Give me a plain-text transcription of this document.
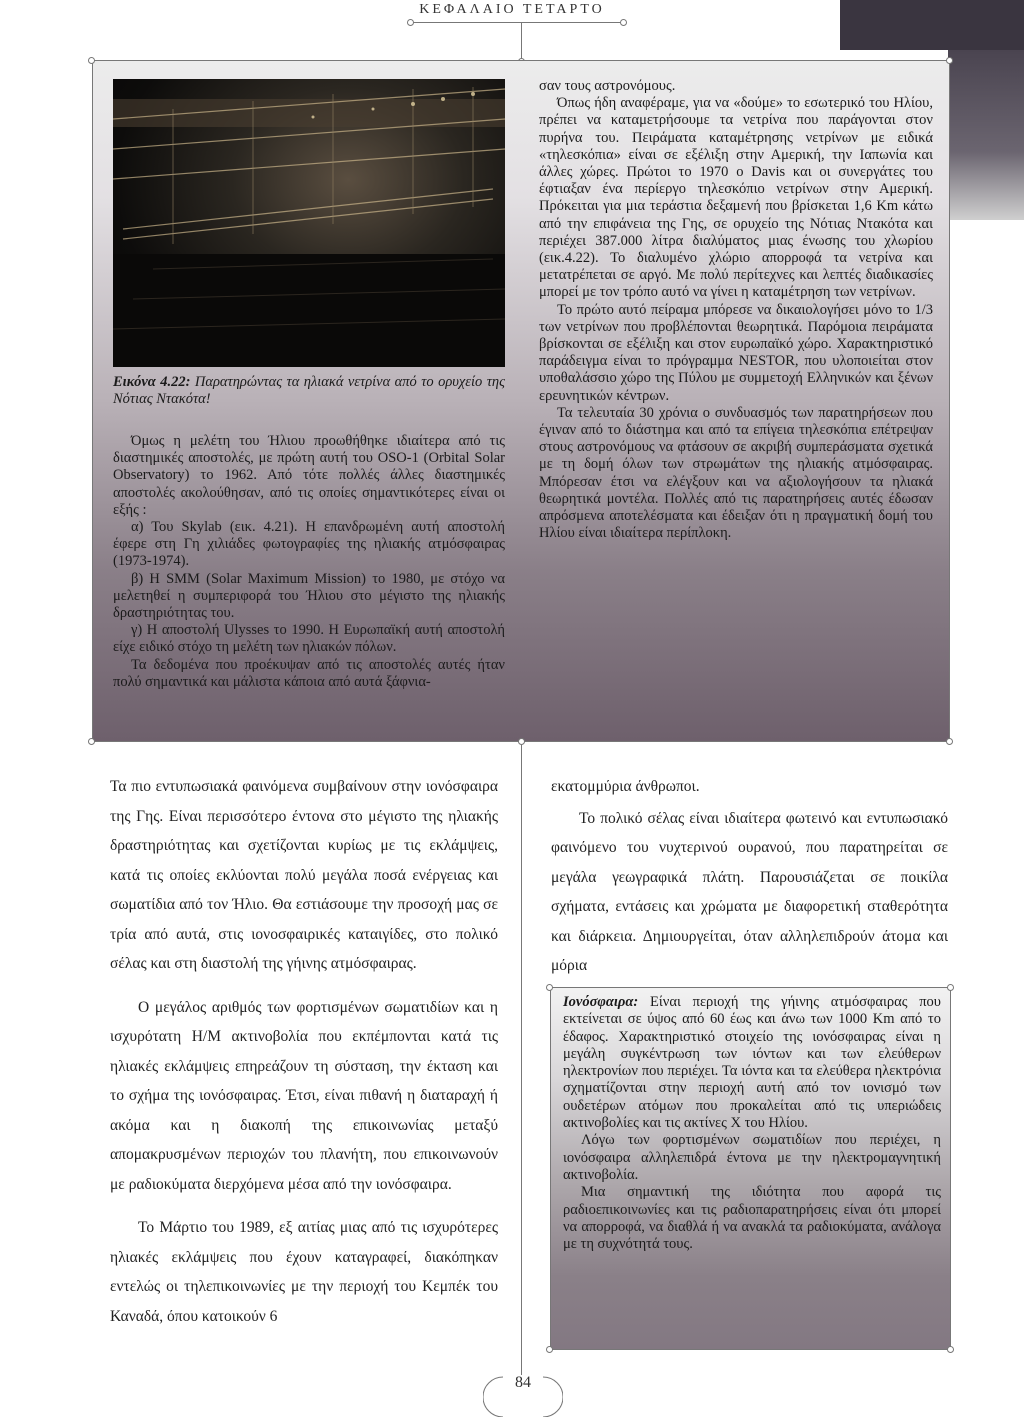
ΚΕΦΑΛΑΙΟ ΤΕΤΑΡΤΟ

Εικόνα 4.22: Παρατηρώντας τα ηλιακά νετρίνα από το ορυχείο της Νότιας Ντακότα!

Όμως η μελέτη του Ήλιου προωθήθηκε ιδιαίτερα από τις διαστημικές αποστολές, με πρώτη αυτή του OSO-1 (Orbital Solar Observatory) το 1962. Από τότε πολλές άλλες διαστημικές αποστολές ακολούθησαν, από τις οποίες σημαντικότερες είναι οι εξής :

α) Του Skylab (εικ. 4.21). Η επανδρωμένη αυτή αποστολή έφερε στη Γη χιλιάδες φωτογραφίες της ηλιακής ατμόσφαιρας (1973-1974).

β) Η SMM (Solar Maximum Mission) το 1980, με στόχο να μελετηθεί η συμπεριφορά του Ήλιου στο μέγιστο της ηλιακής δραστηριότητας του.

γ) Η αποστολή Ulysses το 1990. Η Ευρωπαϊκή αυτή αποστολή είχε ειδικό στόχο τη μελέτη των ηλιακών πόλων.

Τα δεδομένα που προέκυψαν από τις αποστολές αυτές ήταν πολύ σημαντικά και μάλιστα κάποια από αυτά ξάφνια-

σαν τους αστρονόμους.

Όπως ήδη αναφέραμε, για να «δούμε» το εσωτερικό του Ηλίου, πρέπει να καταμετρήσουμε τα νετρίνα που παράγονται στον πυρήνα του. Πειράματα καταμέτρησης νετρίνων με ειδικά «τηλεσκόπια» είναι σε εξέλιξη στην Αμερική, την Ιαπωνία και άλλες χώρες. Πρώτοι το 1970 ο Davis και οι συνεργάτες του έφτιαξαν ένα περίεργο τηλεσκόπιο νετρίνων στην Αμερική. Πρόκειται για μια τεράστια δεξαμενή που βρίσκεται 1,6 Km κάτω από την επιφάνεια της Γης, σε ορυχείο της Νότιας Ντακότα και περιέχει 387.000 λίτρα διαλύματος μιας ένωσης του χλωρίου (εικ.4.22). Το διαλυμένο χλώριο απορροφά τα νετρίνα και μετατρέπεται σε αργό. Με πολύ περίτεχνες και λεπτές διαδικασίες μπορεί με τον τρόπο αυτό να γίνει η καταμέτρηση των νετρίνων.

Το πρώτο αυτό πείραμα μπόρεσε να δικαιολογήσει μόνο το 1/3 των νετρίνων που προβλέπονται θεωρητικά. Παρόμοια πειράματα βρίσκονται σε εξέλιξη και στον ευρωπαϊκό χώρο. Χαρακτηριστικό παράδειγμα είναι το πρόγραμμα NESTOR, που υλοποιείται στον υποθαλάσσιο χώρο της Πύλου με συμμετοχή Ελληνικών και ξένων ερευνητικών κέντρων.

Τα τελευταία 30 χρόνια ο συνδυασμός των παρατηρήσεων που έγιναν από το διάστημα και από τα επίγεια τηλεσκόπια επέτρεψαν στους αστρονόμους να φτάσουν σε ακριβή συμπεράσματα σχετικά με τη δομή όλων των στρωμάτων της ηλιακής ατμόσφαιρας. Μπόρεσαν έτσι να ελέγξουν και να αξιολογήσουν τα ηλιακά θεωρητικά μοντέλα. Πολλές από τις παρατηρήσεις αυτές έδωσαν απρόσμενα αποτελέσματα και έδειξαν ότι η πραγματική δομή του Ηλίου είναι ιδιαίτερα περίπλοκη.

Τα πιο εντυπωσιακά φαινόμενα συμβαίνουν στην ιονόσφαιρα της Γης. Είναι περισσότερο έντονα στο μέγιστο της ηλιακής δραστηριότητας και σχετίζονται κυρίως με τις εκλάμψεις, κατά τις οποίες εκλύονται πολύ μεγάλα ποσά ενέργειας και σωματίδια από τον Ήλιο. Θα εστιάσουμε την προσοχή μας σε τρία από αυτά, στις ιονοσφαιρικές καταιγίδες, στο πολικό σέλας και στη διαστολή της γήινης ατμόσφαιρας.

Ο μεγάλος αριθμός των φορτισμένων σωματιδίων και η ισχυρότατη Η/Μ ακτινοβολία που εκπέμπονται κατά τις ηλιακές εκλάμψεις επηρεάζουν τη σύσταση, την έκταση και το σχήμα της ιονόσφαιρας. Έτσι, είναι πιθανή η διαταραχή ή ακόμα και η διακοπή της επικοινωνίας μεταξύ απομακρυσμένων περιοχών του πλανήτη, που επικοινωνούν με ραδιοκύματα διερχόμενα μέσα από την ιονόσφαιρα.

Το Μάρτιο του 1989, εξ αιτίας μιας από τις ισχυρότερες ηλιακές εκλάμψεις που έχουν καταγραφεί, διακόπηκαν εντελώς οι τηλεπικοινωνίες με την περιοχή του Κεμπέκ του Καναδά, όπου κατοικούν 6

εκατομμύρια άνθρωποι.

Το πολικό σέλας είναι ιδιαίτερα φωτεινό και εντυπωσιακό φαινόμενο του νυχτερινού ουρανού, που παρατηρείται σε μεγάλα γεωγραφικά πλάτη. Παρουσιάζεται σε ποικίλα σχήματα, εντάσεις και χρώματα με διαφορετική σταθερότητα και διάρκεια. Δημιουργείται, όταν αλληλεπιδρούν άτομα και μόρια

Ιονόσφαιρα: Είναι περιοχή της γήινης ατμόσφαιρας που εκτείνεται σε ύψος από 60 έως και άνω των 1000 Km από το έδαφος. Χαρακτηριστικό στοιχείο της ιονόσφαιρας είναι η μεγάλη συγκέντρωση των ιόντων και των ελεύθερων ηλεκτρονίων που περιέχει. Τα ιόντα και τα ελεύθερα ηλεκτρόνια σχηματίζονται στην περιοχή αυτή από τον ιονισμό των ουδετέρων ατόμων που προκαλείται από τις υπεριώδεις ακτινοβολίες και τις ακτίνες Χ του Ηλίου.

Λόγω των φορτισμένων σωματιδίων που περιέχει, η ιονόσφαιρα αλληλεπιδρά έντονα με την ηλεκτρομαγνητική ακτινοβολία.

Μια σημαντική της ιδιότητα που αφορά τις ραδιοεπικοινωνίες και τις ραδιοπαρατηρήσεις είναι ότι μπορεί να απορροφά, να διαθλά ή να ανακλά τα ραδιοκύματα, ανάλογα με τη συχνότητά τους.

84
